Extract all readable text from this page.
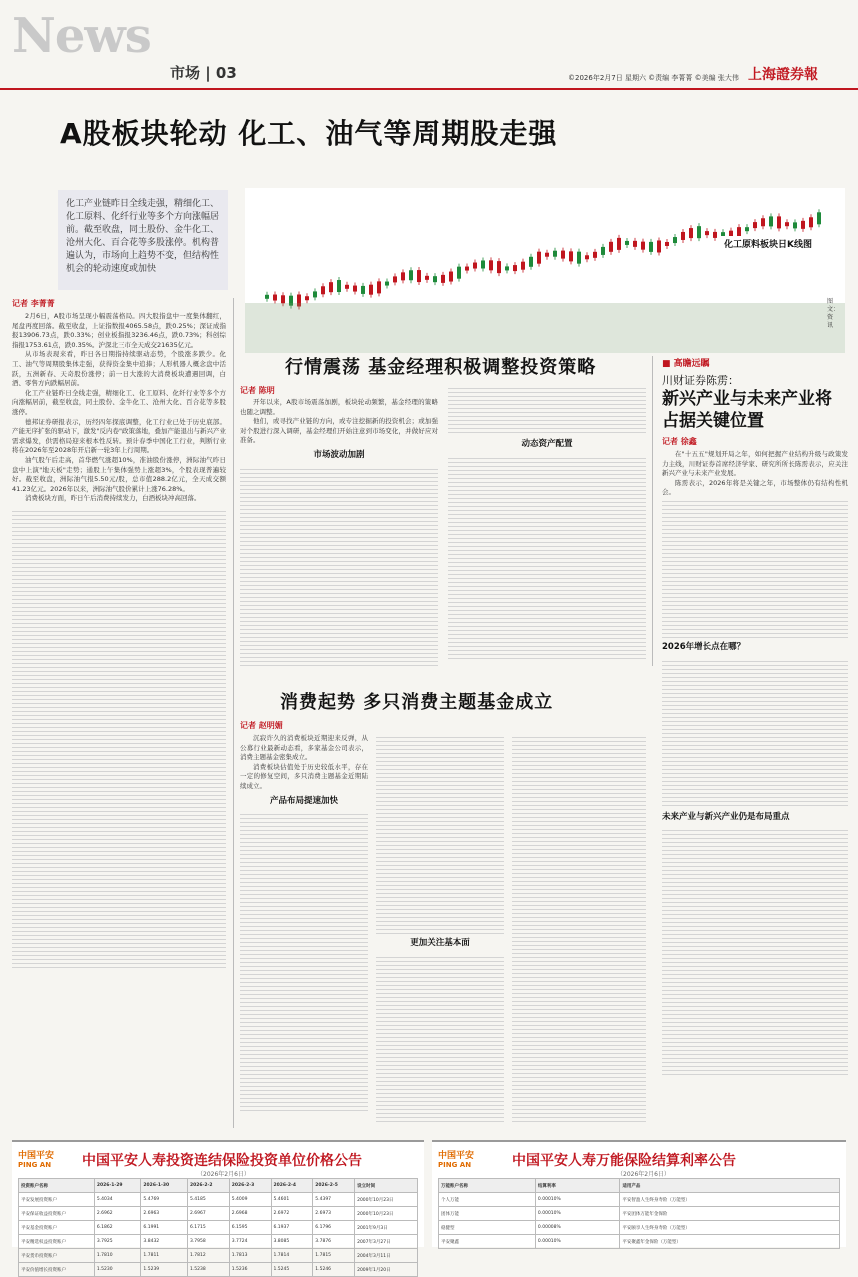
News
市场 | 03	©2026年2月7日 星期六 ©责编 李菁菁 ©美编 张大伟 上海證券報
A股板块轮动 化工、油气等周期股走强
化工产业链昨日全线走强，精细化工、化工原料、化纤行业等多个方向涨幅居前。截至收盘，同土股份、金牛化工、沧州大化、百合花等多股涨停。机构普遍认为，市场向上趋势不变，但结构性机会的轮动速度或加快
化工原料板块日K线图
图文：资讯
记者 李菁菁

2月6日，A股市场呈现小幅震荡格局。四大股指盘中一度集体翻红，尾盘再度回落。截至收盘，上证指数报4065.58点，跌0.25%；深证成指报13906.73点，跌0.33%；创业板指报3236.46点，跌0.73%；科创综指报1753.61点，跌0.35%。沪深北三市全天成交21635亿元。

从市场表现来看，昨日各日期指持续驱动态势，个股涨多跌少。化工、油气等周期股集体走强，获得资金集中追捧；人形机器人概念盘中活跃，五洲新春、天奇股份涨停；前一日大涨的大消费板块遭遇回调，白酒、零售方向跌幅居前。

化工产业链昨日全线走强，精细化工、化工原料、化纤行业等多个方向涨幅居前，截至收盘，同土股份、金牛化工、沧州大化、百合花等多股涨停。

德邦证券研报表示，历经四年探底调整，化工行业已处于历史底部。产能无序扩张的驱动下，激发"反内卷"政策落地，叠加产能退出与新兴产业需求爆发，供需格局迎来根本性反转。预计春季中国化工行业，判断行业将在2026年至2028年开启新一轮3年上行周期。

油气股午后走高，首华燃气涨超10%，准油股份涨停，洲际油气昨日盘中上演"地天板"走势；通股上午集体强势上涨超3%，个股表现普遍较好。截至收盘，洲际油气报5.50元/股，总市值288.2亿元，全天成交额41.23亿元。2026年以来，洲际油气股价累计上涨76.28%。

消费板块方面，昨日午后消费持续发力，白酒板块冲高回落。

行情震荡 基金经理积极调整投资策略
记者 陈明

开年以来，A股市场震荡加剧，板块轮动频繁，基金经理的策略也随之调整。

他们，或寻找产业链的方向，或专注挖掘新的投资机会；或加强对个股进行深入调研，基金经理们开始注意到市场变化，并做好应对准备。

市场波动加剧
动态资产配置
■ 高瞻远瞩
川财证券陈雳：
新兴产业与未来产业将占据关键位置
记者 徐鑫

在"十五五"规划开局之年，如何把握产业结构升级与政策发力主线，川财证券首席经济学家、研究所所长陈雳表示，应关注新兴产业与未来产业发展。

陈雳表示，2026年将是关键之年，市场整体仍有结构性机会。

2026年增长点在哪？
未来产业与新兴产业仍是布局重点
消费起势 多只消费主题基金成立
记者 赵明媚

沉寂许久的消费板块近期迎来反弹，从公募行业最新动态看，多家基金公司表示，消费主题基金密集成立。

消费板块估值处于历史较低水平，存在一定的修复空间，多只消费主题基金近期陆续成立。

产品布局提速加快
更加关注基本面
中国平安
PING AN 中国平安人寿投资连结保险投资单位价格公告
（2026年2月6日）
投资账户名称	2026-1-29	2026-1-30	2026-2-2	2026-2-3	2026-2-4	2026-2-5	设立时间
平安发展投资账户	5.4034	5.4769	5.4185	5.4009	5.4601	5.4397	2000年10月23日
平安保证收益投资账户	2.6962	2.6963	2.6967	2.6968	2.6972	2.6973	2000年10月23日
平安基金投资账户	6.1862	6.1991	6.1715	6.1595	6.1937	6.1796	2001年9月3日
平安精选权益投资账户	3.7925	3.8432	3.7958	3.7724	3.8085	3.7876	2007年3月27日
平安货币投资账户	1.7810	1.7811	1.7812	1.7813	1.7814	1.7815	2004年3月11日
平安价值增长投资账户	1.5230	1.5239	1.5238	1.5236	1.5245	1.5246	2009年1月20日
中国平安
PING AN	中国平安人寿万能保险结算利率公告
（2026年2月6日）
万能账户名称	结算利率	适用产品
个人万能	0.00010%	平安智盈人生终身寿险（万能型）
团体万能	0.00010%	平安团体万能年金保险
稳健型	0.00008%	平安颐享人生终身寿险（万能型）
平安聚鑫	0.00010%	平安聚鑫年金保险（万能型）
